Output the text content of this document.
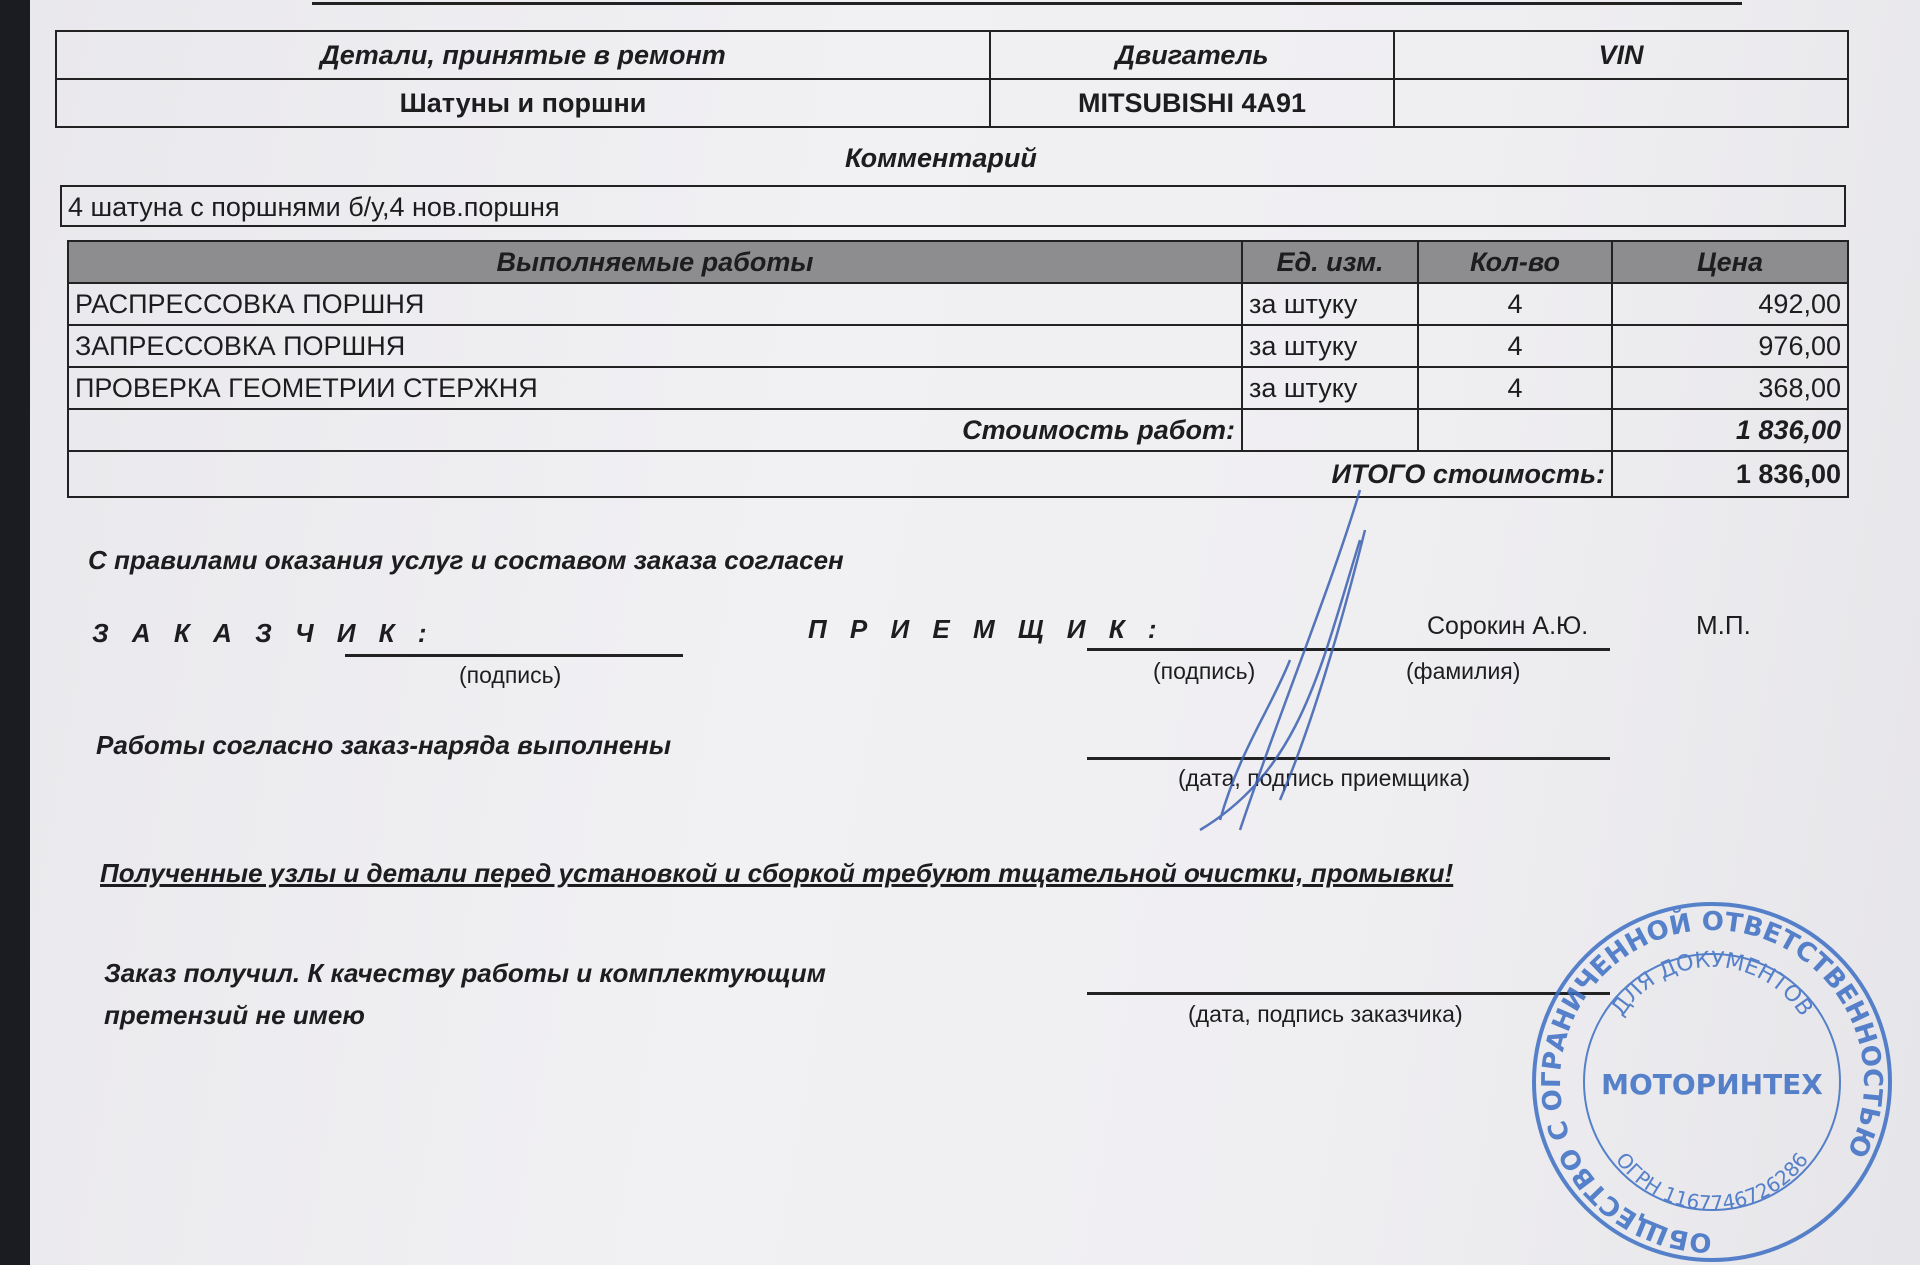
Детали, принятые в ремонт	Двигатель	VIN
Шатуны и поршни	MITSUBISHI 4A91	
Комментарий
4 шатуна с поршнями б/у,4 нов.поршня
Выполняемые работы	Ед. изм.	Кол-во	Цена
РАСПРЕССОВКА ПОРШНЯ	за штуку	4	492,00
ЗАПРЕССОВКА ПОРШНЯ	за штуку	4	976,00
ПРОВЕРКА ГЕОМЕТРИИ СТЕРЖНЯ	за штуку	4	368,00
Стоимость работ:			1 836,00
ИТОГО стоимость:			1 836,00
С правилами оказания услуг и составом заказа согласен
З А К А З Ч И К :
(подпись)
П Р И Е М Щ И К :
(подпись)
Сорокин А.Ю.
(фамилия)
М.П.
Работы согласно заказ-наряда выполнены
(дата, подпись приемщика)
Полученные узлы и детали перед установкой и сборкой требуют тщательной очистки, промывки!
Заказ получил. К качеству работы и комплектующим
претензий не имею	(дата, подпись заказчика)
ОБЩЕСТВО С ОГРАНИЧЕННОЙ ОТВЕТСТВЕННОСТЬЮ
ДЛЯ ДОКУМЕНТОВ
МОТОРИНТЕХ
ОГРН 1167746726286
